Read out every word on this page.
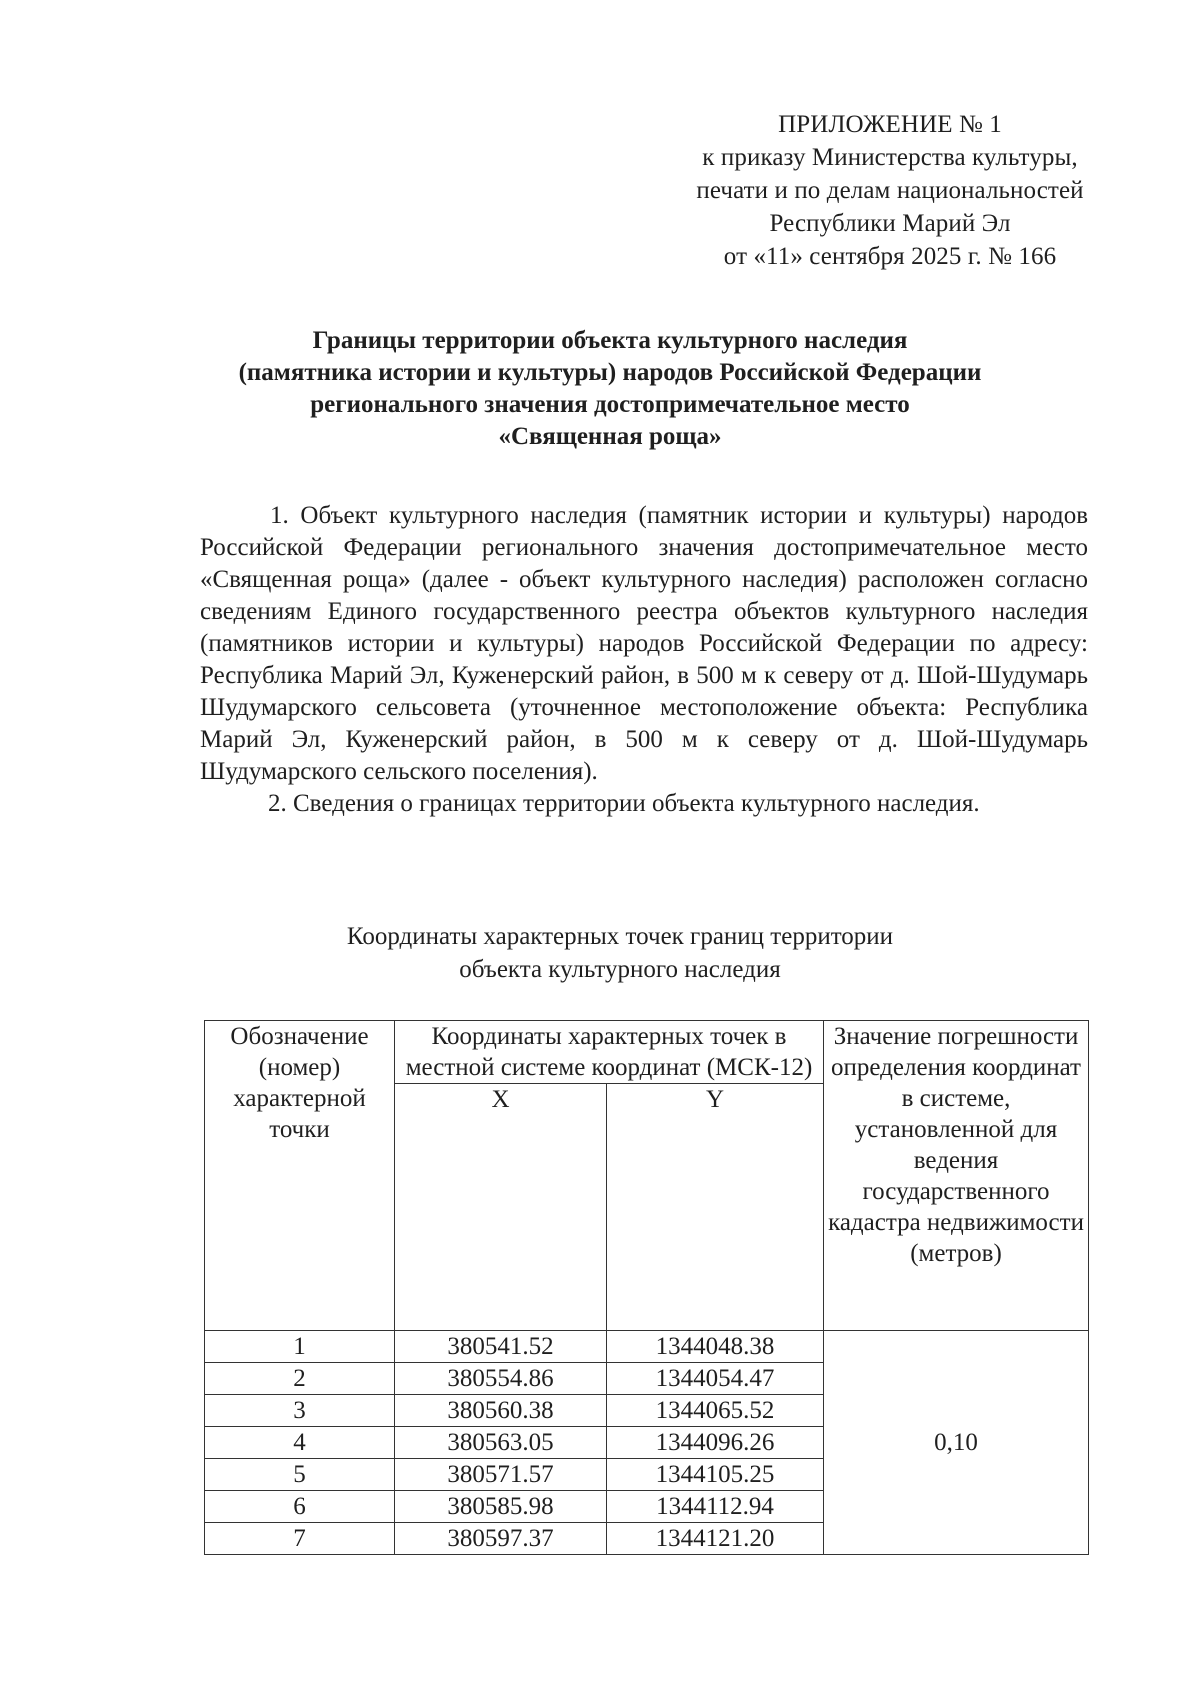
ПРИЛОЖЕНИЕ № 1
к приказу Министерства культуры,
печати и по делам национальностей
Республики Марий Эл
от «11» сентября 2025 г. № 166
Границы территории объекта культурного наследия
(памятника истории и культуры) народов Российской Федерации
регионального значения достопримечательное место
«Священная роща»

1. Объект культурного наследия (памятник истории и культуры) народов Российской Федерации регионального значения достопримечательное место «Священная роща» (далее - объект культурного наследия) расположен согласно сведениям Единого государственного реестра объектов культурного наследия (памятников истории и культуры) народов Российской Федерации по адресу: Республика Марий Эл, Куженерский район, в 500 м к северу от д. Шой-Шудумарь Шудумарского сельсовета (уточненное местоположение объекта: Республика Марий Эл, Куженерский район, в 500 м к северу от д. Шой-Шудумарь Шудумарского сельского поселения).

2. Сведения о границах территории объекта культурного наследия.

Координаты характерных точек границ территории
объекта культурного наследия
Обозначение (номер) характерной точки	Координаты характерных точек в местной системе координат (МСК-12)		Значение погрешности определения координат в системе, установленной для ведения государственного кадастра недвижимости (метров)
	X	Y	
1	380541.52	1344048.38	0,10
2	380554.86	1344054.47	
3	380560.38	1344065.52	
4	380563.05	1344096.26	
5	380571.57	1344105.25	
6	380585.98	1344112.94	
7	380597.37	1344121.20	
